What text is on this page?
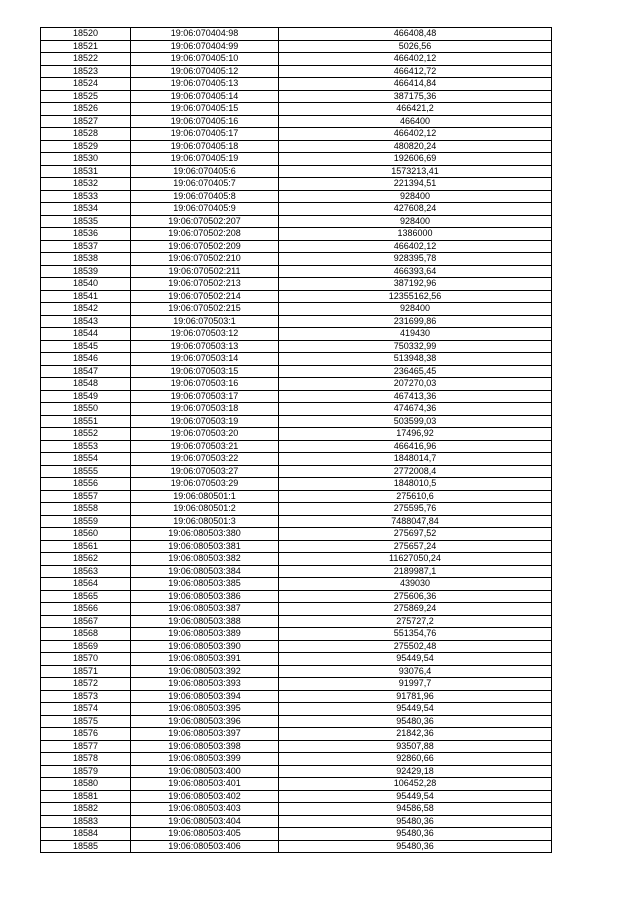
18520	19:06:070404:98	466408,48
18521	19:06:070404:99	5026,56
18522	19:06:070405:10	466402,12
18523	19:06:070405:12	466412,72
18524	19:06:070405:13	466414,84
18525	19:06:070405:14	387175,36
18526	19:06:070405:15	466421,2
18527	19:06:070405:16	466400
18528	19:06:070405:17	466402,12
18529	19:06:070405:18	480820,24
18530	19:06:070405:19	192606,69
18531	19:06:070405:6	1573213,41
18532	19:06:070405:7	221394,51
18533	19:06:070405:8	928400
18534	19:06:070405:9	427608,24
18535	19:06:070502:207	928400
18536	19:06:070502:208	1386000
18537	19:06:070502:209	466402,12
18538	19:06:070502:210	928395,78
18539	19:06:070502:211	466393,64
18540	19:06:070502:213	387192,96
18541	19:06:070502:214	12355162,56
18542	19:06:070502:215	928400
18543	19:06:070503:1	231699,86
18544	19:06:070503:12	419430
18545	19:06:070503:13	750332,99
18546	19:06:070503:14	513948,38
18547	19:06:070503:15	236465,45
18548	19:06:070503:16	207270,03
18549	19:06:070503:17	467413,36
18550	19:06:070503:18	474674,36
18551	19:06:070503:19	503599,03
18552	19:06:070503:20	17496,92
18553	19:06:070503:21	466416,96
18554	19:06:070503:22	1848014,7
18555	19:06:070503:27	2772008,4
18556	19:06:070503:29	1848010,5
18557	19:06:080501:1	275610,6
18558	19:06:080501:2	275595,76
18559	19:06:080501:3	7488047,84
18560	19:06:080503:380	275697,52
18561	19:06:080503:381	275657,24
18562	19:06:080503:382	11627050,24
18563	19:06:080503:384	2189987,1
18564	19:06:080503:385	439030
18565	19:06:080503:386	275606,36
18566	19:06:080503:387	275869,24
18567	19:06:080503:388	275727,2
18568	19:06:080503:389	551354,76
18569	19:06:080503:390	275502,48
18570	19:06:080503:391	95449,54
18571	19:06:080503:392	93076,4
18572	19:06:080503:393	91997,7
18573	19:06:080503:394	91781,96
18574	19:06:080503:395	95449,54
18575	19:06:080503:396	95480,36
18576	19:06:080503:397	21842,36
18577	19:06:080503:398	93507,88
18578	19:06:080503:399	92860,66
18579	19:06:080503:400	92429,18
18580	19:06:080503:401	106452,28
18581	19:06:080503:402	95449,54
18582	19:06:080503:403	94586,58
18583	19:06:080503:404	95480,36
18584	19:06:080503:405	95480,36
18585	19:06:080503:406	95480,36
